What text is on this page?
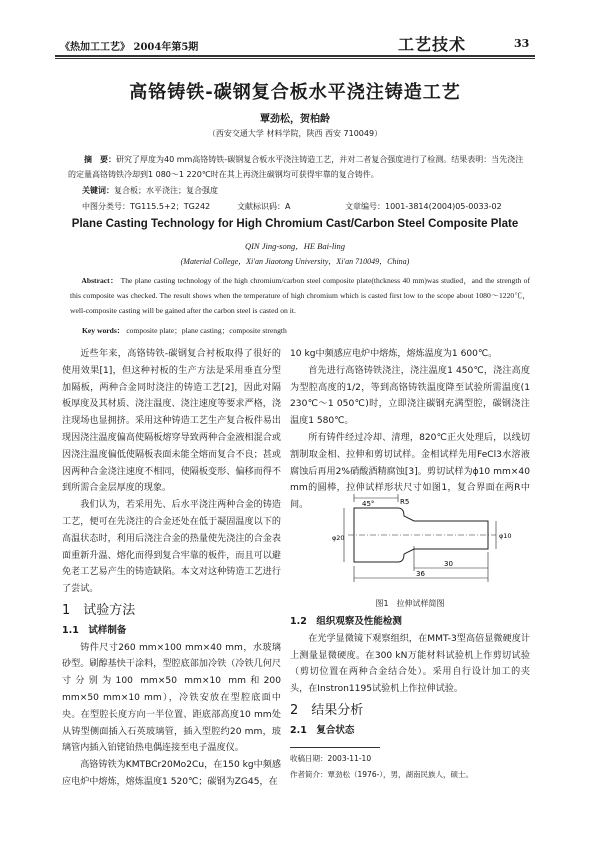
《热加工工艺》 2004年第5期	工艺技术	33
高铬铸铁-碳钢复合板水平浇注铸造工艺
覃劲松，贺柏龄
（西安交通大学 材料学院，陕西 西安 710049）
摘　要：研究了厚度为40 mm高铬铸铁-碳钢复合板水平浇注铸造工艺，并对二者复合强度进行了检测。结果表明：当先浇注的定量高铬铸铁冷却到1 080～1 220℃时在其上再浇注碳钢均可获得牢靠的复合铸件。
关键词：复合板；水平浇注；复合强度
中图分类号：TG115.5+2；TG242	文献标识码：A	文章编号：1001-3814(2004)05-0033-02
Plane Casting Technology for High Chromium Cast/Carbon Steel Composite Plate
QIN Jing-song，HE Bai-ling
(Material College，Xi'an Jiaotong University，Xi'an 710049，China)
Abstract： The plane casting technology of the high chromium/carbon steel composite plate(thckness 40 mm)was studied，and the strength of this composite was checked. The result shows when the temperature of high chromium which is casted first low to the scope about 1080～1220℃，well-composite casting will be gained after the carbon steel is casted on it.
Key words： composite plate；plane casting；composite strength

近些年来，高铬铸铁-碳钢复合衬板取得了很好的使用效果[1]，但这种衬板的生产方法是采用垂直分型加隔板，两种合金同时浇注的铸造工艺[2]，因此对隔板厚度及其材质、浇注温度、浇注速度等要求严格，浇注现场也显拥挤。采用这种铸造工艺生产复合板件易出现因浇注温度偏高使隔板熔穿导致两种合金液相混合或因浇注温度偏低使隔板表面未能全熔而复合不良；甚或因两种合金浇注速度不相同，使隔板变形、偏移而得不到所需合金层厚度的现象。

我们认为，若采用先、后水平浇注两种合金的铸造工艺，便可在先浇注的合金还处在低于凝固温度以下的高温状态时，利用后浇注合金的热量使先浇注的合金表面重新升温、熔化而得到复合牢靠的板件，而且可以避免老工艺易产生的铸造缺陷。本文对这种铸造工艺进行了尝试。

1　试验方法
1.1　试样制备

铸件尺寸260 mm×100 mm×40 mm，水玻璃砂型。刷醇基快干涂料，型腔底部加冷铁（冷铁几何尺寸分别为100 mm×50 mm×10 mm和200 mm×50 mm×10 mm），冷铁安放在型腔底面中央。在型腔长度方向一半位置、距底部高度10 mm处从铸型侧面插入石英玻璃管，插入型腔约20 mm，玻璃管内插入铂铑铂热电偶连接至电子温度仪。

高铬铸铁为KMTBCr20Mo2Cu，在150 kg中频感应电炉中熔炼，熔炼温度1 520℃；碳钢为ZG45，在

10 kg中频感应电炉中熔炼，熔炼温度为1 600℃。

首先进行高铬铸铁浇注，浇注温度1 450℃，浇注高度为型腔高度的1/2，等到高铬铸铁温度降至试验所需温度(1 230℃～1 050℃)时，立即浇注碳钢充满型腔，碳钢浇注温度1 580℃。

所有铸件经过冷却、清理，820℃正火处理后，以线切割制取金相、拉伸和剪切试样。金相试样先用FeCl3水溶液腐蚀后再用2%硝酸酒精腐蚀[3]。剪切试样为ϕ10 mm×40 mm的圆棒，拉伸试样形状尺寸如图1，复合界面在两R中间。	45°	R5
φ10
30
36
φ20
图1　拉伸试样简图
1.2　组织观察及性能检测

在光学显微镜下观察组织，在MMT-3型高倍显微硬度计上测量显微硬度。在300 kN万能材料试验机上作剪切试验（剪切位置在两种合金结合处）。采用自行设计加工的夹头，在Instron1195试验机上作拉伸试验。

2　结果分析
2.1　复合状态
收稿日期：2003-11-10
作者简介：覃劲松（1976-），男，湖南民族人，硕士。
